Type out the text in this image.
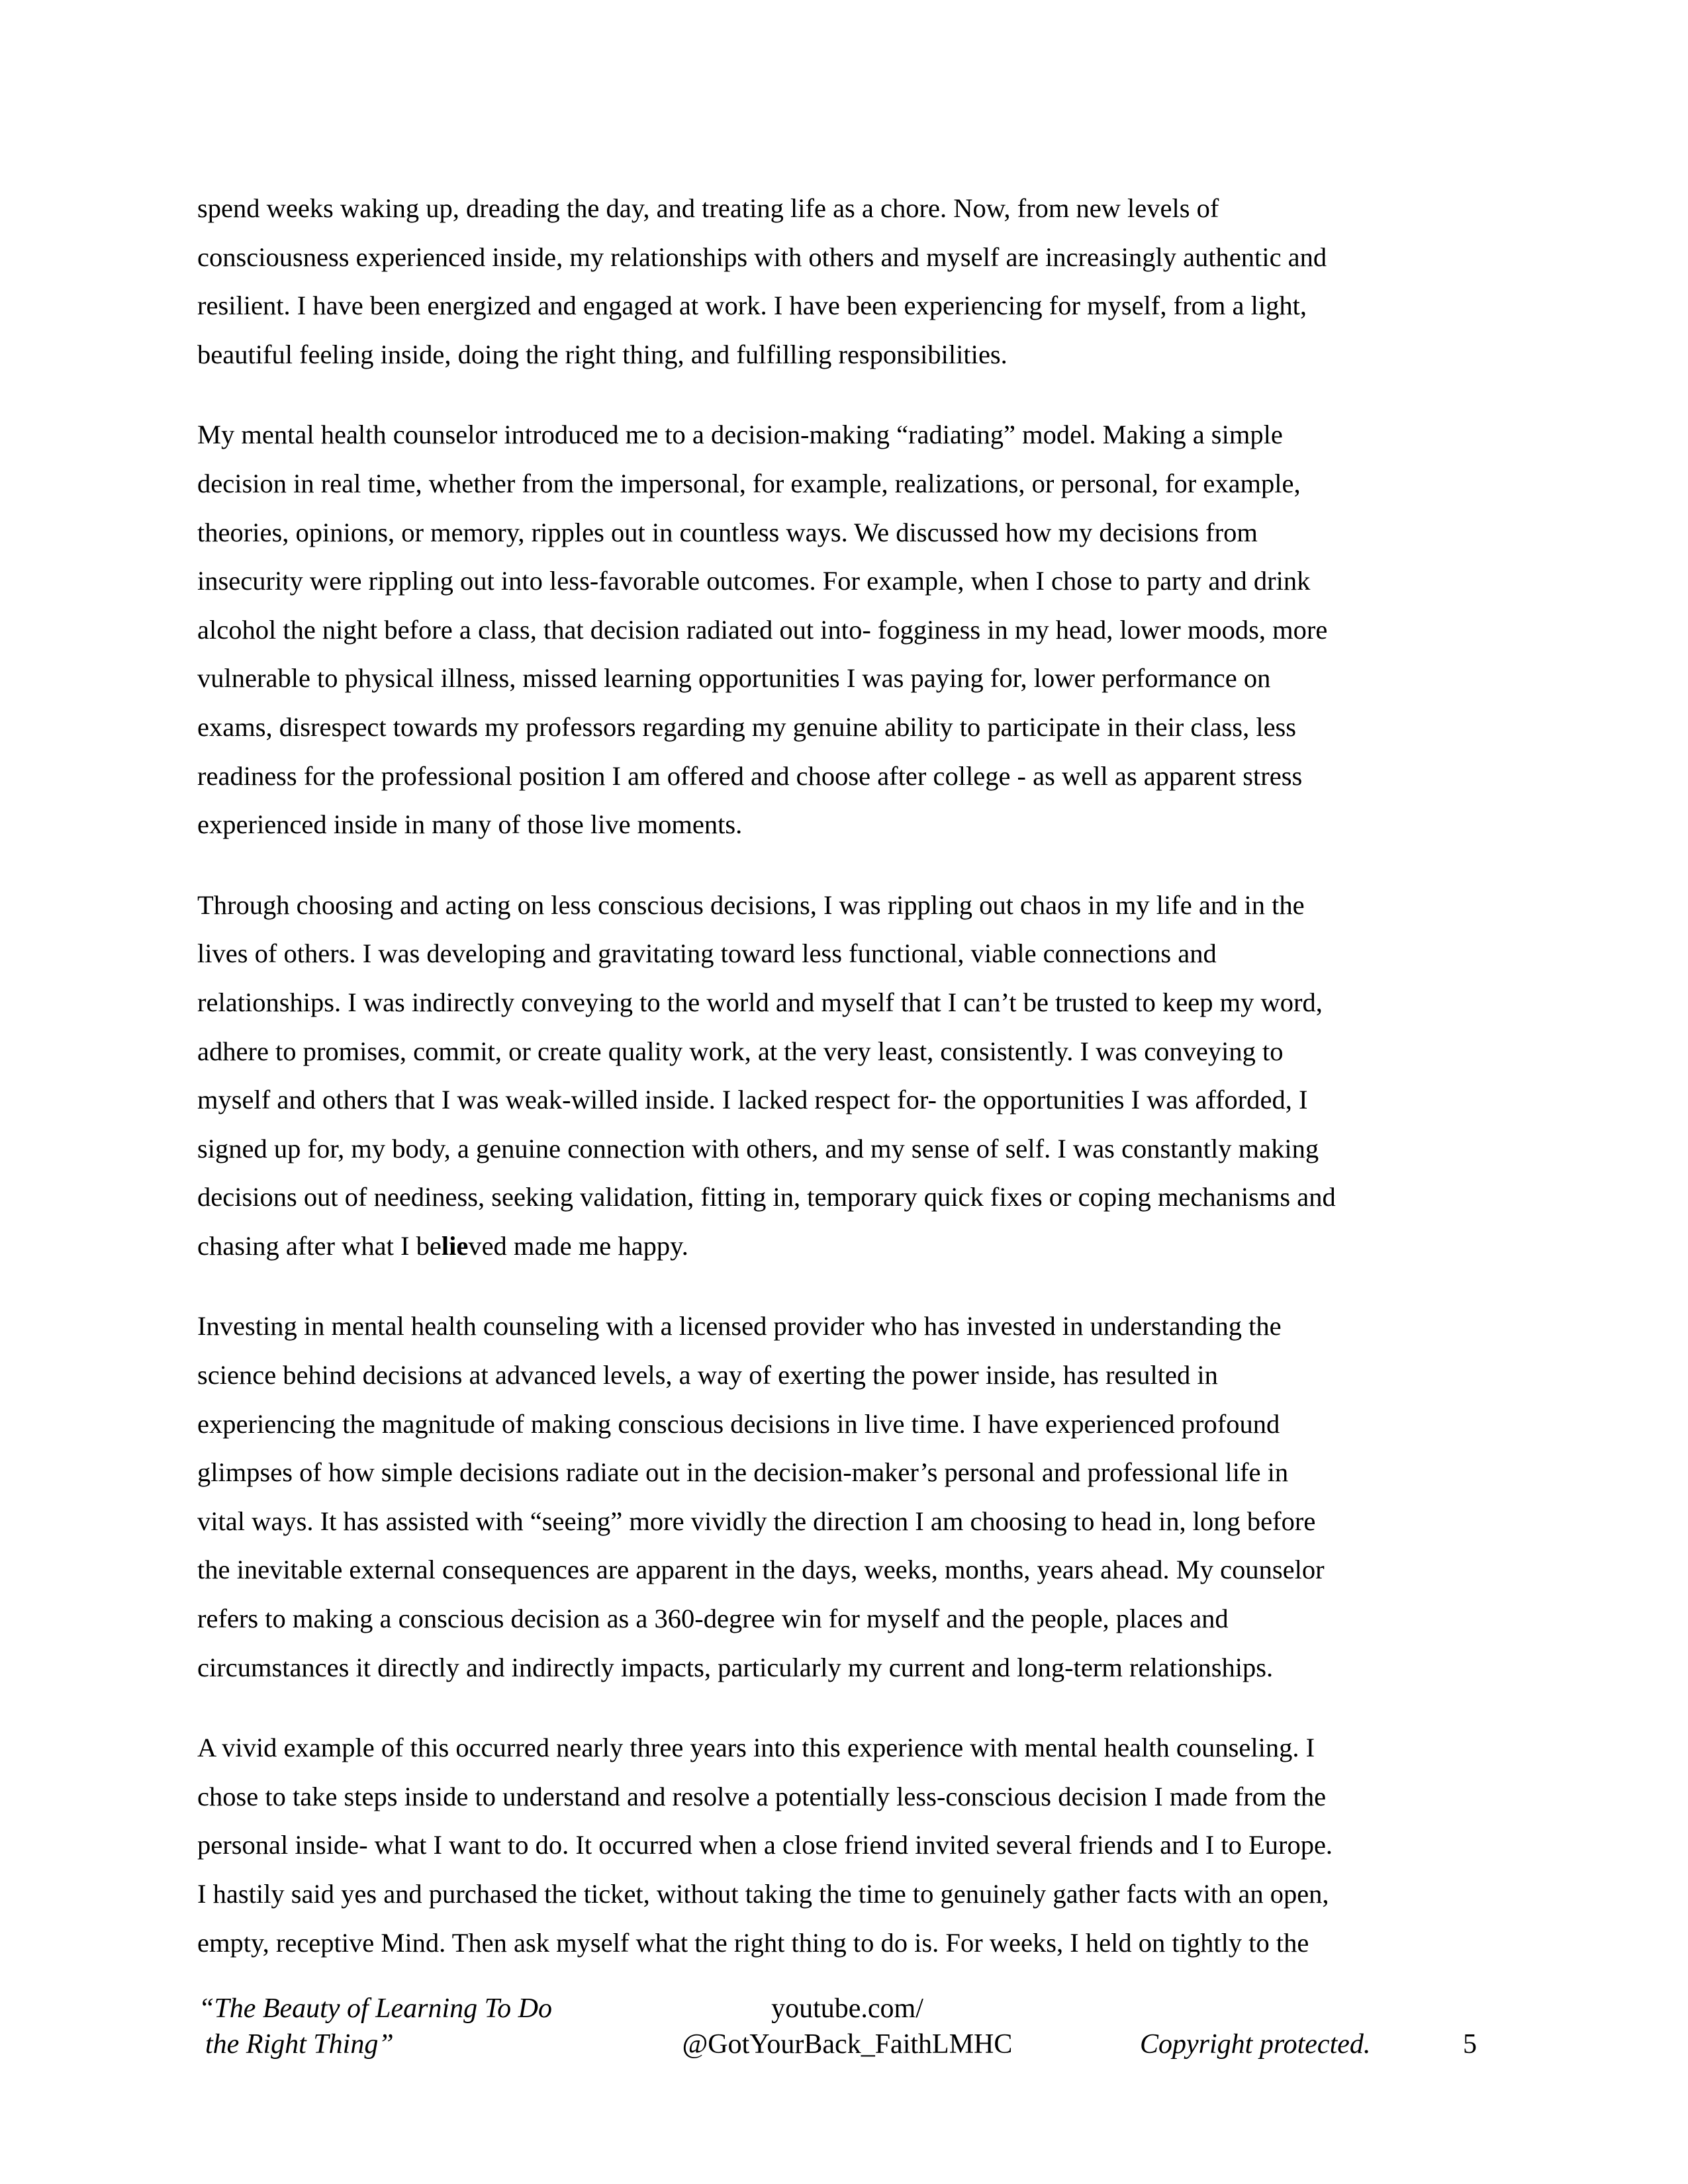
spend weeks waking up, dreading the day, and treating life as a chore. Now, from new levels of
consciousness experienced inside, my relationships with others and myself are increasingly authentic and
resilient. I have been energized and engaged at work. I have been experiencing for myself, from a light,
beautiful feeling inside, doing the right thing, and fulfilling responsibilities.

My mental health counselor introduced me to a decision-making “radiating” model. Making a simple
decision in real time, whether from the impersonal, for example, realizations, or personal, for example,
theories, opinions, or memory, ripples out in countless ways. We discussed how my decisions from
insecurity were rippling out into less-favorable outcomes. For example, when I chose to party and drink
alcohol the night before a class, that decision radiated out into- fogginess in my head, lower moods, more
vulnerable to physical illness, missed learning opportunities I was paying for, lower performance on
exams, disrespect towards my professors regarding my genuine ability to participate in their class, less
readiness for the professional position I am offered and choose after college - as well as apparent stress
experienced inside in many of those live moments.

Through choosing and acting on less conscious decisions, I was rippling out chaos in my life and in the
lives of others. I was developing and gravitating toward less functional, viable connections and
relationships. I was indirectly conveying to the world and myself that I can’t be trusted to keep my word,
adhere to promises, commit, or create quality work, at the very least, consistently. I was conveying to
myself and others that I was weak-willed inside. I lacked respect for- the opportunities I was afforded, I
signed up for, my body, a genuine connection with others, and my sense of self. I was constantly making
decisions out of neediness, seeking validation, fitting in, temporary quick fixes or coping mechanisms and
chasing after what I believed made me happy.

Investing in mental health counseling with a licensed provider who has invested in understanding the
science behind decisions at advanced levels, a way of exerting the power inside, has resulted in
experiencing the magnitude of making conscious decisions in live time. I have experienced profound
glimpses of how simple decisions radiate out in the decision-maker’s personal and professional life in
vital ways. It has assisted with “seeing” more vividly the direction I am choosing to head in, long before
the inevitable external consequences are apparent in the days, weeks, months, years ahead. My counselor
refers to making a conscious decision as a 360-degree win for myself and the people, places and
circumstances it directly and indirectly impacts, particularly my current and long-term relationships.

A vivid example of this occurred nearly three years into this experience with mental health counseling. I
chose to take steps inside to understand and resolve a potentially less-conscious decision I made from the
personal inside- what I want to do. It occurred when a close friend invited several friends and I to Europe.
I hastily said yes and purchased the ticket, without taking the time to genuinely gather facts with an open,
empty, receptive Mind. Then ask myself what the right thing to do is. For weeks, I held on tightly to the

“The Beauty of Learning To Do
the Right Thing”
youtube.com/
@GotYourBack_FaithLMHC	Copyright protected.	5
